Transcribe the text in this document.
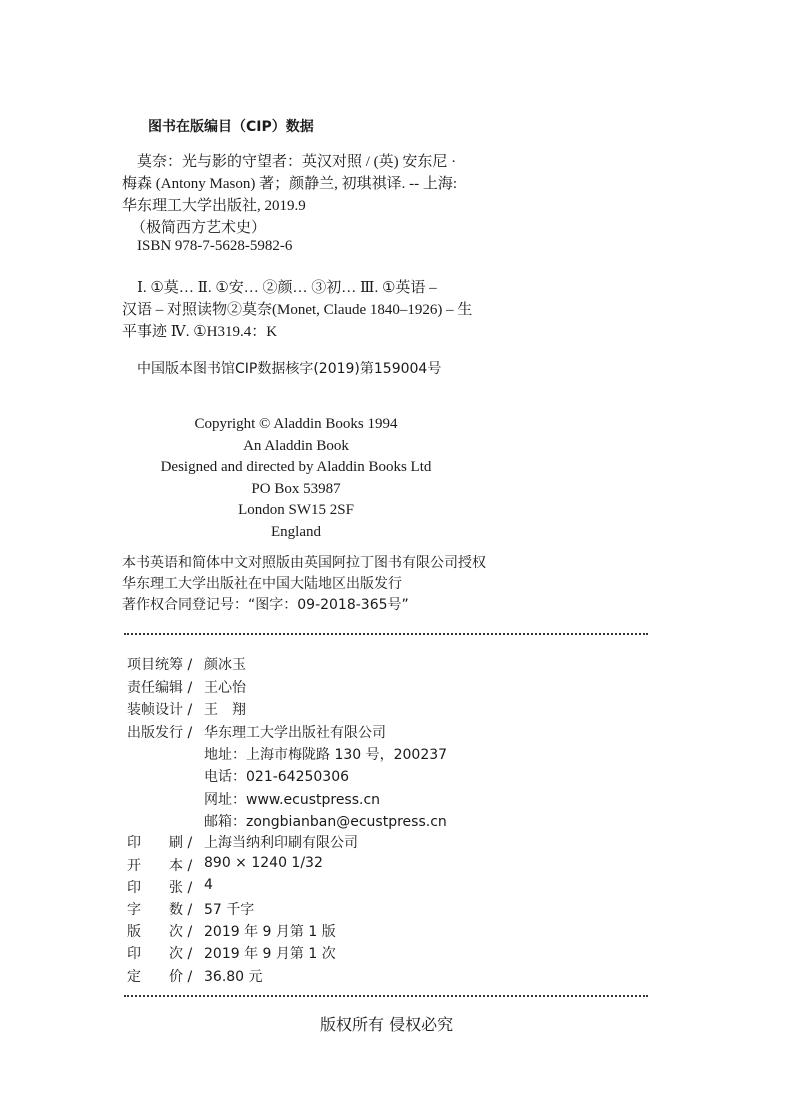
图书在版编目（CIP）数据
莫奈：光与影的守望者：英汉对照 / (英) 安东尼 ·
梅森 (Antony Mason) 著；颜静兰, 初琪祺译. -- 上海:
华东理工大学出版社, 2019.9
（极简西方艺术史）
ISBN 978-7-5628-5982-6
Ⅰ. ①莫… Ⅱ. ①安… ②颜… ③初… Ⅲ. ①英语 –
汉语 – 对照读物②莫奈(Monet, Claude 1840–1926) – 生
平事迹 Ⅳ. ①H319.4：K
中国版本图书馆CIP数据核字(2019)第159004号
Copyright © Aladdin Books 1994
An Aladdin Book
Designed and directed by Aladdin Books Ltd
PO Box 53987
London SW15 2SF
England
本书英语和简体中文对照版由英国阿拉丁图书有限公司授权
华东理工大学出版社在中国大陆地区出版发行
著作权合同登记号：“图字：09-2018-365号”
项目统筹 / 颜冰玉
责任编辑 / 王心怡
装帧设计 / 王　翔
出版发行 / 华东理工大学出版社有限公司
地址：上海市梅陇路 130 号，200237
电话：021-64250306
网址：www.ecustpress.cn
邮箱：zongbianban@ecustpress.cn
印 刷 / 上海当纳利印刷有限公司
开 本 / 890 × 1240 1/32
印 张 / 4
字 数 / 57 千字
版 次 / 2019 年 9 月第 1 版
印 次 / 2019 年 9 月第 1 次
定 价 / 36.80 元
版权所有 侵权必究
